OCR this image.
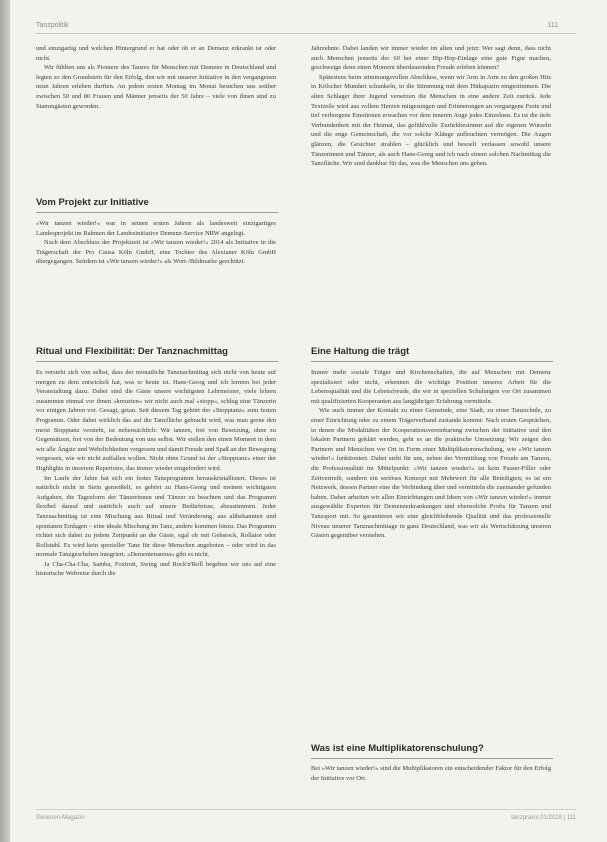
Tanzpolitik	111

und einzigartig und welchen Hintergrund er hat oder ob er an Demenz erkrankt ist oder nicht.

Wir fühlten uns als Pioniere des Tanzes für Menschen mit Demenz in Deutschland und legten so den Grundstein für den Erfolg, den wir mit unserer Initiative in den vergangenen neun Jahren erleben durften. An jedem ersten Montag im Monat besuchen uns seither zwischen 50 und 80 Frauen und Männer jenseits der 50 Jahre – viele von ihnen sind zu Stammgästen geworden.

Vom Projekt zur Initiative

»Wir tanzen wieder!« war in seinen ersten Jahren als landesweit einzigartiges Landesprojekt im Rahmen der Landesinitiative Demenz-Service NRW angelegt.

Nach dem Abschluss der Projektzeit ist »Wir tanzen wieder!« 2014 als Initiative in die Trägerschaft der Pro Causa Köln GmbH, eine Tochter des Alexianer Köln GmbH übergegangen. Seitdem ist »Wir tanzen wieder!« als Wort-/Bildmarke geschützt.

Ritual und Flexibilität: Der Tanznachmittag

Es versteht sich von selbst, dass der monatliche Tanznachmittag sich nicht von heute auf morgen zu dem entwickelt hat, was er heute ist. Hans-Georg und ich lernten bei jeder Veranstaltung dazu. Dabei sind die Gäste unsere wichtigsten Lehrmeister, viele lehren zusammen einmal vor ihnen »kreuzten« wir nicht auch mal »stopp«, schlug eine Tänzerin vor einigen Jahren vor. Gesagt, getan. Seit diesem Tag gehört der »Stopptanz« zum festen Programm. Oder dabei wirklich das auf die Tanzfläche gebracht wird, was man gerne den meist Stopptanz versteht, ist nebensächlich: Wir tanzen, frei von Besetzung, ohne zu Gegensätzen, frei von der Bedeutung von uns selbst. Wir stellen den einen Moment in dem wir alle Ängste und Wehrlichkeiten vergessen und damit Freude und Spaß an der Bewegung vergessen, wie wir nicht auffallen wollen. Nicht ohne Grund ist der »Stopptanz« einer der Highlights in unserem Repertoire, das immer wieder eingefordert wird.

Im Laufe der Jahre hat sich ein festes Tanzprogramm herauskristallisiert. Dieses ist natürlich nicht in Stein gemeißelt, es gehört zu Hans-Georg und meinen wichtigsten Aufgaben, die Tagesform der Tänzerinnen und Tänzer zu beachten und das Programm flexibel darauf und natürlich auch auf unsere Bedürfnisse, abzustimmen. Jeder Tanznachmittag ist eine Mischung aus Ritual und Veränderung, aus altbekannten und spontanen Einlagen – eine ideale Mischung im Tanz, andere kommen hinzu. Das Programm richtet sich dabei zu jedem Zeitpunkt an die Gäste, egal ob mit Gehstock, Rollator oder Rollstuhl. Es wird kein spezieller Tanz für diese Menschen angeboten – oder wird in das normale Tanzgeschehen integriert. »Dementenarena« gibt es nicht.

Ja Cha-Cha-Cha, Samba, Foxtrott, Swing und Rock'n'Roll begeben wir uns auf eine historische Webreise durch die

Jahrzehnte. Dabei landen wir immer wieder im alten und jetzt: Wer sagt denn, dass nicht auch Menschen jenseits der 60 bei einer Hip-Hop-Einlage eine gute Figur machen, geschweige denn einen Moment überdauernden Freude erleben können?

Spätestens beim stimmungsvollen Abschluss, wenn wir Arm in Arm zu den großen Hits in Kölscher Mundart schunkeln, in die Stimmung mit dem Hitkapazin eingestimmen. Die alten Schlager ihrer Jugend versetzen die Menschen in eine andere Zeit zurück. Jede Textzeile wird aus vollem Herzen mitgesungen und Erinnerungen an vergangene Feste und tief verborgene Emotionen erwachen vor dem inneren Auge jedes Einzelnen. Es ist die tiefe Verbundenheit mit der Heimat, das gefühlvolle Zurückbesinnen auf die eigenen Wurzeln und die enge Gemeinschaft, die vor solche Klänge aufleuchten vermögen. Die Augen glänzen, die Gesichter strahlen – glücklich und besoelt verlassen sowohl unsere Tänzerinnen und Tänzer, als auch Hans-Georg und ich nach einem solchen Nachmittag die Tanzfläche. Wir sind dankbar für das, was die Menschen uns geben.

Eine Haltung die trägt

Immer mehr soziale Träger und Kirchenschaften, die auf Menschen mit Demenz spezialisiert oder nicht, erkennen die wichtige Position unseres Arbeit für die Lebensqualität und die Lebensfreude, die wir in speziellen Schulungen vor Ort zusammen mit qualifizierten Kooperanten aus langjähriger Erfahrung vermitteln.

Wie auch immer der Kontakt zu einer Gemeinde, eine Stadt, zu einer Tanzschule, zu einer Einrichtung oder zu einem Trägerverband zustande kommt: Nach ersten Gesprächen, in denen die Modalitäten der Kooperationsvereinbarung zwischen der Initiative und den lokalen Partnern geklärt werden, geht es an die praktische Umsetzung: Wir zeigen den Partnern und Menschen vor Ort in Form einer Multiplikatorenschulung, wie »Wir tanzen wieder!« funktioniert. Dabei steht für uns, neben der Vermittlung von Freude am Tanzen, die Professionalität im Mittelpunkt: »Wir tanzen wieder!« ist kein Passer-Filler oder Zeitvertreib, sondern ein seriöses Konzept mit Mehrwert für alle Beteiligten; es ist ein Netzwerk, dessen Partner eine die Verbindung über und vermitteln die zueinander gefunden haben. Daher arbeiten wir allen Einrichtungen und Ideen von »Wir tanzen wieder!« immer ausgewählte Experten für Demenzerkrankungen und ebensolche Profis für Tanzen und Tanzsport mit. So garantieren wir eine gleichbleibende Qualität und das professionelle Niveau unserer Tanznachmittage in ganz Deutschland, was wir als Wertschätzung unseren Gästen gegenüber verstehen.

Was ist eine Multiplikatorenschulung?

Bei »Wir tanzen wieder!« sind die Multiplikatoren ein entscheidender Faktor für den Erfolg der Initiative vor Ort.

Senioren-Magazin	tanzpraxis 01/2019 | 111
